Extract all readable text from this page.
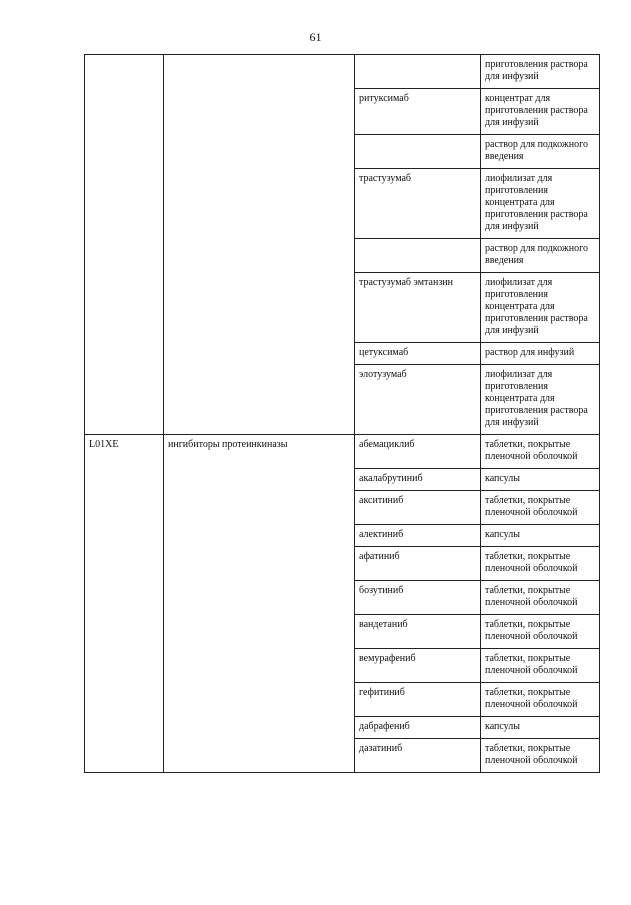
61
			приготовления раствора для инфузий
		ритуксимаб	концентрат для приготовления раствора для инфузий
			раствор для подкожного введения
		трастузумаб	лиофилизат для приготовления концентрата для приготовления раствора для инфузий
			раствор для подкожного введения
		трастузумаб эмтанзин	лиофилизат для приготовления концентрата для приготовления раствора для инфузий
		цетуксимаб	раствор для инфузий
		элотузумаб	лиофилизат для приготовления концентрата для приготовления раствора для инфузий
L01XE	ингибиторы протеинкиназы	абемациклиб	таблетки, покрытые пленочной оболочкой
		акалабрутиниб	капсулы
		акситиниб	таблетки, покрытые пленочной оболочкой
		алектиниб	капсулы
		афатиниб	таблетки, покрытые пленочной оболочкой
		бозутиниб	таблетки, покрытые пленочной оболочкой
		вандетаниб	таблетки, покрытые пленочной оболочкой
		вемурафениб	таблетки, покрытые пленочной оболочкой
		гефитиниб	таблетки, покрытые пленочной оболочкой
		дабрафениб	капсулы
		дазатиниб	таблетки, покрытые пленочной оболочкой
